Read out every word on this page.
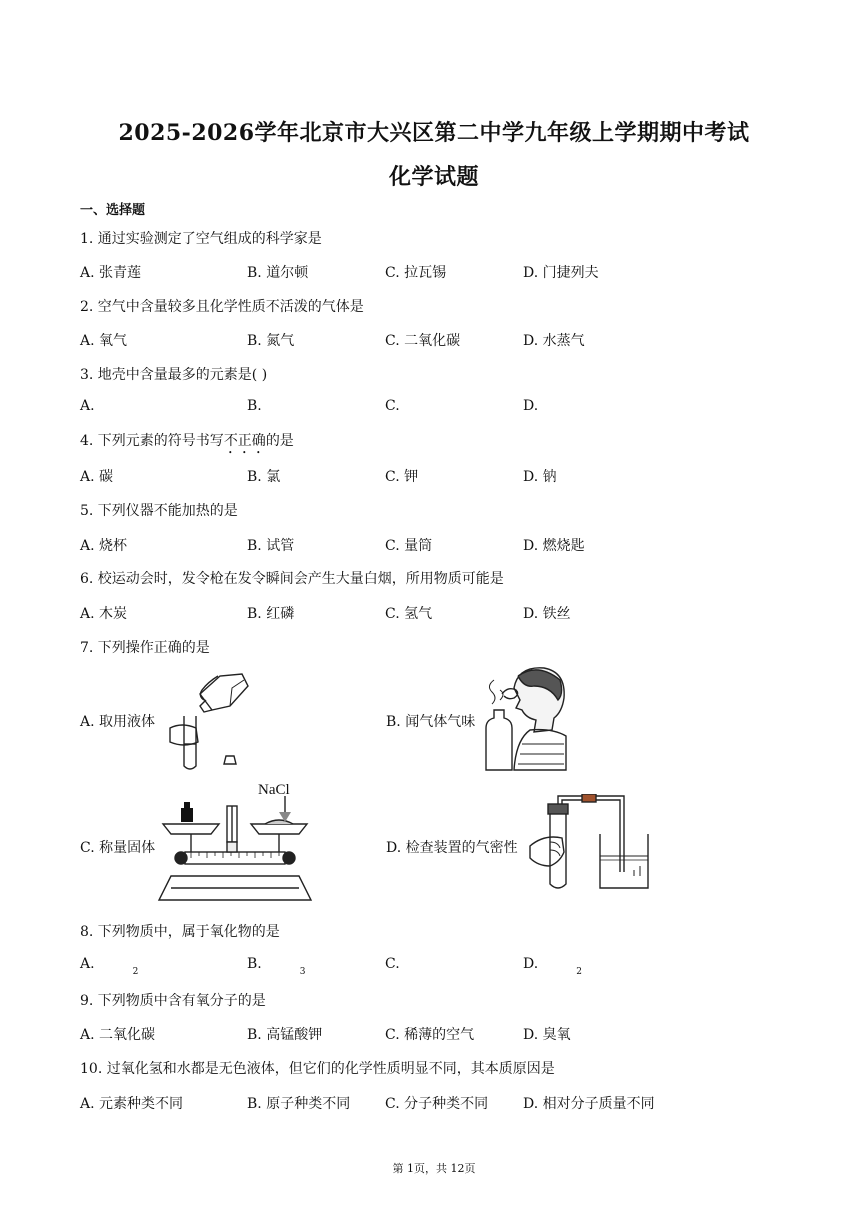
2025-2026学年北京市大兴区第二中学九年级上学期期中考试
化学试题
一、选择题
1. 通过实验测定了空气组成的科学家是
A. 张青莲	B. 道尔顿	C. 拉瓦锡	D. 门捷列夫
2. 空气中含量较多且化学性质不活泼的气体是
A. 氧气	B. 氮气	C. 二氧化碳	D. 水蒸气
3. 地壳中含量最多的元素是( )
A.	B.	C.	D.
4. 下列元素的符号书写不正确的是
A. 碳	B. 氯	C. 钾	D. 钠
5. 下列仪器不能加热的是
A. 烧杯	B. 试管	C. 量筒	D. 燃烧匙
6. 校运动会时，发令枪在发令瞬间会产生大量白烟，所用物质可能是
A. 木炭	B. 红磷	C. 氢气	D. 铁丝
7. 下列操作正确的是
A. 取用液体	B. 闻气体气味
C. 称量固体
NaCl
D. 检查装置的气密性
8. 下列物质中，属于氧化物的是
A.	$_2$	B.	$_3$	C.	D.	$_2$
9. 下列物质中含有氧分子的是
A. 二氧化碳	B. 高锰酸钾	C. 稀薄的空气	D. 臭氧
10. 过氧化氢和水都是无色液体，但它们的化学性质明显不同，其本质原因是
A. 元素种类不同	B. 原子种类不同 C. 分子种类不同 D. 相对分子质量不同
第 1页，共 12页
